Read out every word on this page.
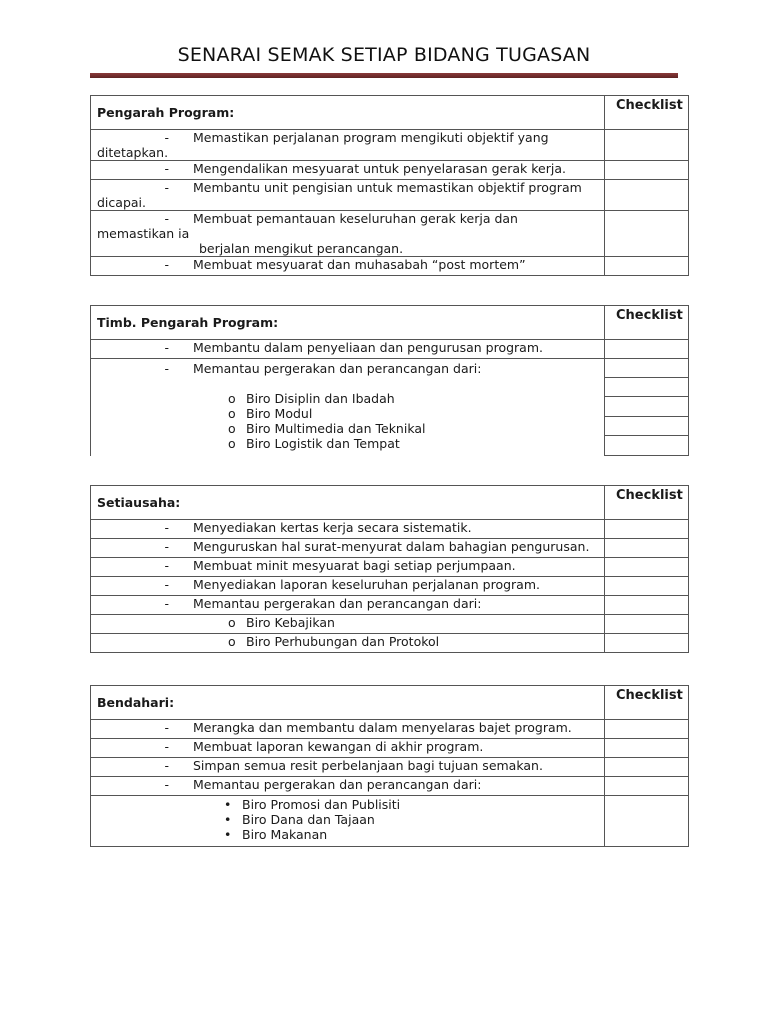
SENARAI SEMAK SETIAP BIDANG TUGASAN
Pengarah Program:	Checklist
- Memastikan perjalanan program mengikuti objektif yang
ditetapkan.	
- Mengendalikan mesyuarat untuk penyelarasan gerak kerja.	
- Membantu unit pengisian untuk memastikan objektif program
dicapai.	
- Membuat pemantauan keseluruhan gerak kerja dan
memastikan ia
berjalan mengikut perancangan.	

- Membuat mesyuarat dan muhasabah “post mortem”	
Timb. Pengarah Program:	Checklist
- Membantu dalam penyeliaan dan pengurusan program.	
- Memantau pergerakan dan perancangan dari:
o Biro Disiplin dan Ibadah
o Biro Modul
o Biro Multimedia dan Teknikal
o Biro Logistik dan Tempat	

Setiausaha:	Checklist
- Menyediakan kertas kerja secara sistematik.	
- Menguruskan hal surat-menyurat dalam bahagian pengurusan.	
- Membuat minit mesyuarat bagi setiap perjumpaan.	
- Menyediakan laporan keseluruhan perjalanan program.	
- Memantau pergerakan dan perancangan dari:	

o Biro Kebajikan	

o Biro Perhubungan dan Protokol	

Bendahari:	Checklist
- Merangka dan membantu dalam menyelaras bajet program.	
- Membuat laporan kewangan di akhir program.	
- Simpan semua resit perbelanjaan bagi tujuan semakan.	
- Memantau pergerakan dan perancangan dari:	

• Biro Promosi dan Publisiti
• Biro Dana dan Tajaan
• Biro Makanan	
